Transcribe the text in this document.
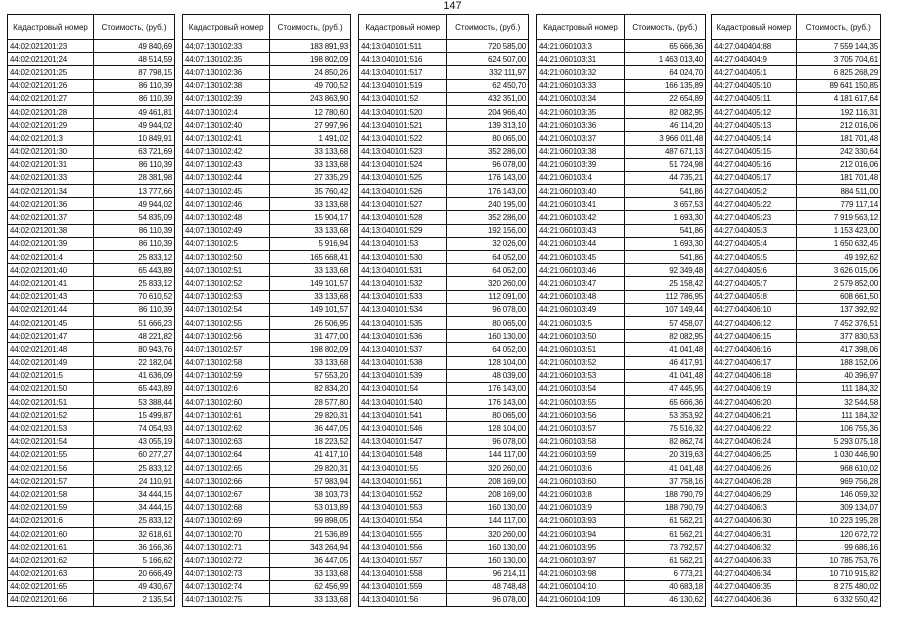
147
Кадастровый номер	Стоимость, (руб.)
44:02:021201:23	49 840,69
44:02:021201:24	48 514,59
44:02:021201:25	87 798,15
44:02:021201:26	86 110,39
44:02:021201:27	86 110,39
44:02:021201:28	49 461,81
44:02:021201:29	49 944,02
44:02:021201:3	10 849,91
44:02:021201:30	63 721,69
44:02:021201:31	86 110,39
44:02:021201:33	28 381,98
44:02:021201:34	13 777,66
44:02:021201:36	49 944,02
44:02:021201:37	54 835,09
44:02:021201:38	86 110,39
44:02:021201:39	86 110,39
44:02:021201:4	25 833,12
44:02:021201:40	65 443,89
44:02:021201:41	25 833,12
44:02:021201:43	70 610,52
44:02:021201:44	86 110,39
44:02:021201:45	51 666,23
44:02:021201:47	48 221,82
44:02:021201:48	80 943,76
44:02:021201:49	22 182,04
44:02:021201:5	41 636,09
44:02:021201:50	65 443,89
44:02:021201:51	53 388,44
44:02:021201:52	15 499,87
44:02:021201:53	74 054,93
44:02:021201:54	43 055,19
44:02:021201:55	60 277,27
44:02:021201:56	25 833,12
44:02:021201:57	24 110,91
44:02:021201:58	34 444,15
44:02:021201:59	34 444,15
44:02:021201:6	25 833,12
44:02:021201:60	32 618,61
44:02:021201:61	36 166,36
44:02:021201:62	5 166,62
44:02:021201:63	20 666,49
44:02:021201:65	49 430,67
44:02:021201:66	2 135,54
Кадастровый номер	Стоимость, (руб.)
44:07:130102:33	183 891,93
44:07:130102:35	198 802,09
44:07:130102:36	24 850,26
44:07:130102:38	49 700,52
44:07:130102:39	243 863,90
44:07:130102:4	12 780,60
44:07:130102:40	27 997,96
44:07:130102:41	1 491,02
44:07:130102:42	33 133,68
44:07:130102:43	33 133,68
44:07:130102:44	27 335,29
44:07:130102:45	35 760,42
44:07:130102:46	33 133,68
44:07:130102:48	15 904,17
44:07:130102:49	33 133,68
44:07:130102:5	5 916,94
44:07:130102:50	165 668,41
44:07:130102:51	33 133,68
44:07:130102:52	149 101,57
44:07:130102:53	33 133,68
44:07:130102:54	149 101,57
44:07:130102:55	26 506,95
44:07:130102:56	31 477,00
44:07:130102:57	198 802,09
44:07:130102:58	33 133,68
44:07:130102:59	57 553,20
44:07:130102:6	82 834,20
44:07:130102:60	28 577,80
44:07:130102:61	29 820,31
44:07:130102:62	36 447,05
44:07:130102:63	18 223,52
44:07:130102:64	41 417,10
44:07:130102:65	29 820,31
44:07:130102:66	57 983,94
44:07:130102:67	38 103,73
44:07:130102:68	53 013,89
44:07:130102:69	99 898,05
44:07:130102:70	21 536,89
44:07:130102:71	343 264,94
44:07:130102:72	36 447,05
44:07:130102:73	33 133,68
44:07:130102:74	62 456,99
44:07:130102:75	33 133,68
Кадастровый номер	Стоимость, (руб.)
44:13:040101:511	720 585,00
44:13:040101:516	624 507,00
44:13:040101:517	332 111,97
44:13:040101:519	62 450,70
44:13:040101:52	432 351,00
44:13:040101:520	204 966,40
44:13:040101:521	139 313,10
44:13:040101:522	80 065,00
44:13:040101:523	352 286,00
44:13:040101:524	96 078,00
44:13:040101:525	176 143,00
44:13:040101:526	176 143,00
44:13:040101:527	240 195,00
44:13:040101:528	352 286,00
44:13:040101:529	192 156,00
44:13:040101:53	32 026,00
44:13:040101:530	64 052,00
44:13:040101:531	64 052,00
44:13:040101:532	320 260,00
44:13:040101:533	112 091,00
44:13:040101:534	96 078,00
44:13:040101:535	80 065,00
44:13:040101:536	160 130,00
44:13:040101:537	64 052,00
44:13:040101:538	128 104,00
44:13:040101:539	48 039,00
44:13:040101:54	176 143,00
44:13:040101:540	176 143,00
44:13:040101:541	80 065,00
44:13:040101:546	128 104,00
44:13:040101:547	96 078,00
44:13:040101:548	144 117,00
44:13:040101:55	320 260,00
44:13:040101:551	208 169,00
44:13:040101:552	208 169,00
44:13:040101:553	160 130,00
44:13:040101:554	144 117,00
44:13:040101:555	320 260,00
44:13:040101:556	160 130,00
44:13:040101:557	160 130,00
44:13:040101:558	96 214,11
44:13:040101:559	48 748,48
44:13:040101:56	96 078,00
Кадастровый номер	Стоимость, (руб.)
44:21:060103:3	65 666,36
44:21:060103:31	1 463 013,40
44:21:060103:32	64 024,70
44:21:060103:33	166 135,89
44:21:060103:34	22 654,89
44:21:060103:35	82 082,95
44:21:060103:36	46 114,20
44:21:060103:37	3 966 011,48
44:21:060103:38	487 671,13
44:21:060103:39	51 724,98
44:21:060103:4	44 735,21
44:21:060103:40	541,86
44:21:060103:41	3 657,53
44:21:060103:42	1 693,30
44:21:060103:43	541,86
44:21:060103:44	1 693,30
44:21:060103:45	541,86
44:21:060103:46	92 349,48
44:21:060103:47	25 158,42
44:21:060103:48	112 786,95
44:21:060103:49	107 149,44
44:21:060103:5	57 458,07
44:21:060103:50	82 082,95
44:21:060103:51	41 041,48
44:21:060103:52	46 417,91
44:21:060103:53	41 041,48
44:21:060103:54	47 445,95
44:21:060103:55	65 666,36
44:21:060103:56	53 353,92
44:21:060103:57	75 516,32
44:21:060103:58	82 862,74
44:21:060103:59	20 319,63
44:21:060103:6	41 041,48
44:21:060103:60	37 758,16
44:21:060103:8	188 790,79
44:21:060103:9	188 790,79
44:21:060103:93	61 562,21
44:21:060103:94	61 562,21
44:21:060103:95	73 792,57
44:21:060103:97	61 562,21
44:21:060103:98	6 773,21
44:21:060104:10	40 683,18
44:21:060104:109	46 130,62
Кадастровый номер	Стоимость, (руб.)
44:27:040404:88	7 559 144,35
44:27:040404:9	3 705 704,61
44:27:040405:1	6 825 268,29
44:27:040405:10	89 641 150,85
44:27:040405:11	4 181 617,64
44:27:040405:12	192 116,31
44:27:040405:13	212 016,06
44:27:040405:14	181 701,48
44:27:040405:15	242 330,64
44:27:040405:16	212 016,06
44:27:040405:17	181 701,48
44:27:040405:2	884 511,00
44:27:040405:22	779 117,14
44:27:040405:23	7 919 563,12
44:27:040405:3	1 153 423,00
44:27:040405:4	1 650 632,45
44:27:040405:5	49 192,62
44:27:040405:6	3 626 015,06
44:27:040405:7	2 579 852,00
44:27:040405:8	608 661,50
44:27:040406:10	137 392,92
44:27:040406:12	7 452 376,51
44:27:040406:15	377 830,53
44:27:040406:16	417 398,06
44:27:040406:17	188 152,06
44:27:040406:18	40 396,97
44:27:040406:19	111 184,32
44:27:040406:20	32 544,58
44:27:040406:21	111 184,32
44:27:040406:22	106 755,36
44:27:040406:24	5 293 075,18
44:27:040406:25	1 030 446,90
44:27:040406:26	968 610,02
44:27:040406:28	969 756,28
44:27:040406:29	146 059,32
44:27:040406:3	309 134,07
44:27:040406:30	10 223 195,28
44:27:040406:31	120 672,72
44:27:040406:32	99 686,16
44:27:040406:33	10 785 753,76
44:27:040406:34	10 710 915,82
44:27:040406:35	8 275 480,02
44:27:040406:36	6 332 550,42
